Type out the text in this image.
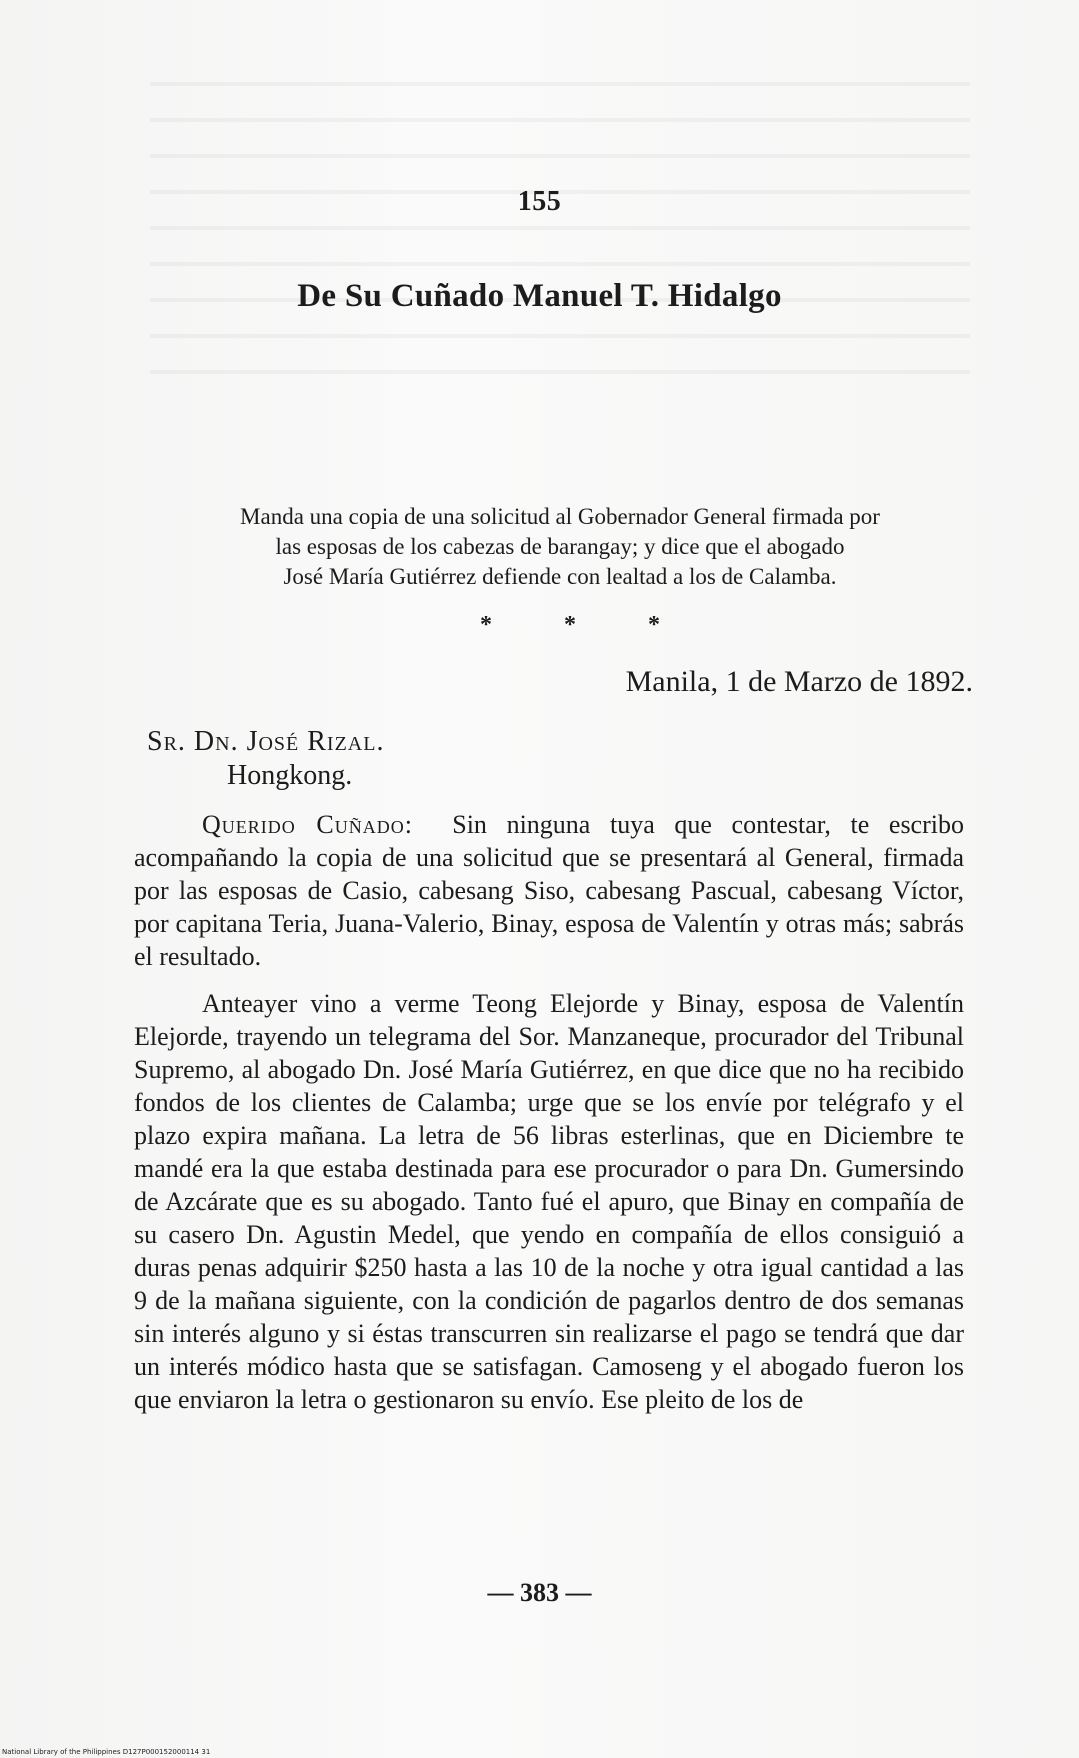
155
De Su Cuñado Manuel T. Hidalgo
Manda una copia de una solicitud al Gobernador General firmada por
las esposas de los cabezas de barangay; y dice que el abogado
José María Gutiérrez defiende con lealtad a los de Calamba.
*	*	*
Manila, 1 de Marzo de 1892.
Sr. Dn. José Rizal.
Hongkong.

Querido Cuñado: Sin ninguna tuya que contestar, te escribo acompañando la copia de una solicitud que se presentará al General, firmada por las esposas de Casio, cabesang Siso, cabesang Pascual, cabesang Víctor, por capitana Teria, Juana-Valerio, Binay, esposa de Valentín y otras más; sabrás el resultado.

Anteayer vino a verme Teong Elejorde y Binay, esposa de Valentín Elejorde, trayendo un telegrama del Sor. Manzaneque, procurador del Tribunal Supremo, al abogado Dn. José María Gutiérrez, en que dice que no ha recibido fondos de los clientes de Calamba; urge que se los envíe por telégrafo y el plazo expira mañana. La letra de 56 libras esterlinas, que en Diciembre te mandé era la que estaba destinada para ese procurador o para Dn. Gumersindo de Azcárate que es su abogado. Tanto fué el apuro, que Binay en compañía de su casero Dn. Agustin Medel, que yendo en compañía de ellos consiguió a duras penas adquirir $250 hasta a las 10 de la noche y otra igual cantidad a las 9 de la mañana siguiente, con la condición de pagarlos dentro de dos semanas sin interés alguno y si éstas transcurren sin realizarse el pago se tendrá que dar un interés módico hasta que se satisfagan. Camoseng y el abogado fueron los que enviaron la letra o gestionaron su envío. Ese pleito de los de

— 383 —
National Library of the Philippines D127P000152000114 31
